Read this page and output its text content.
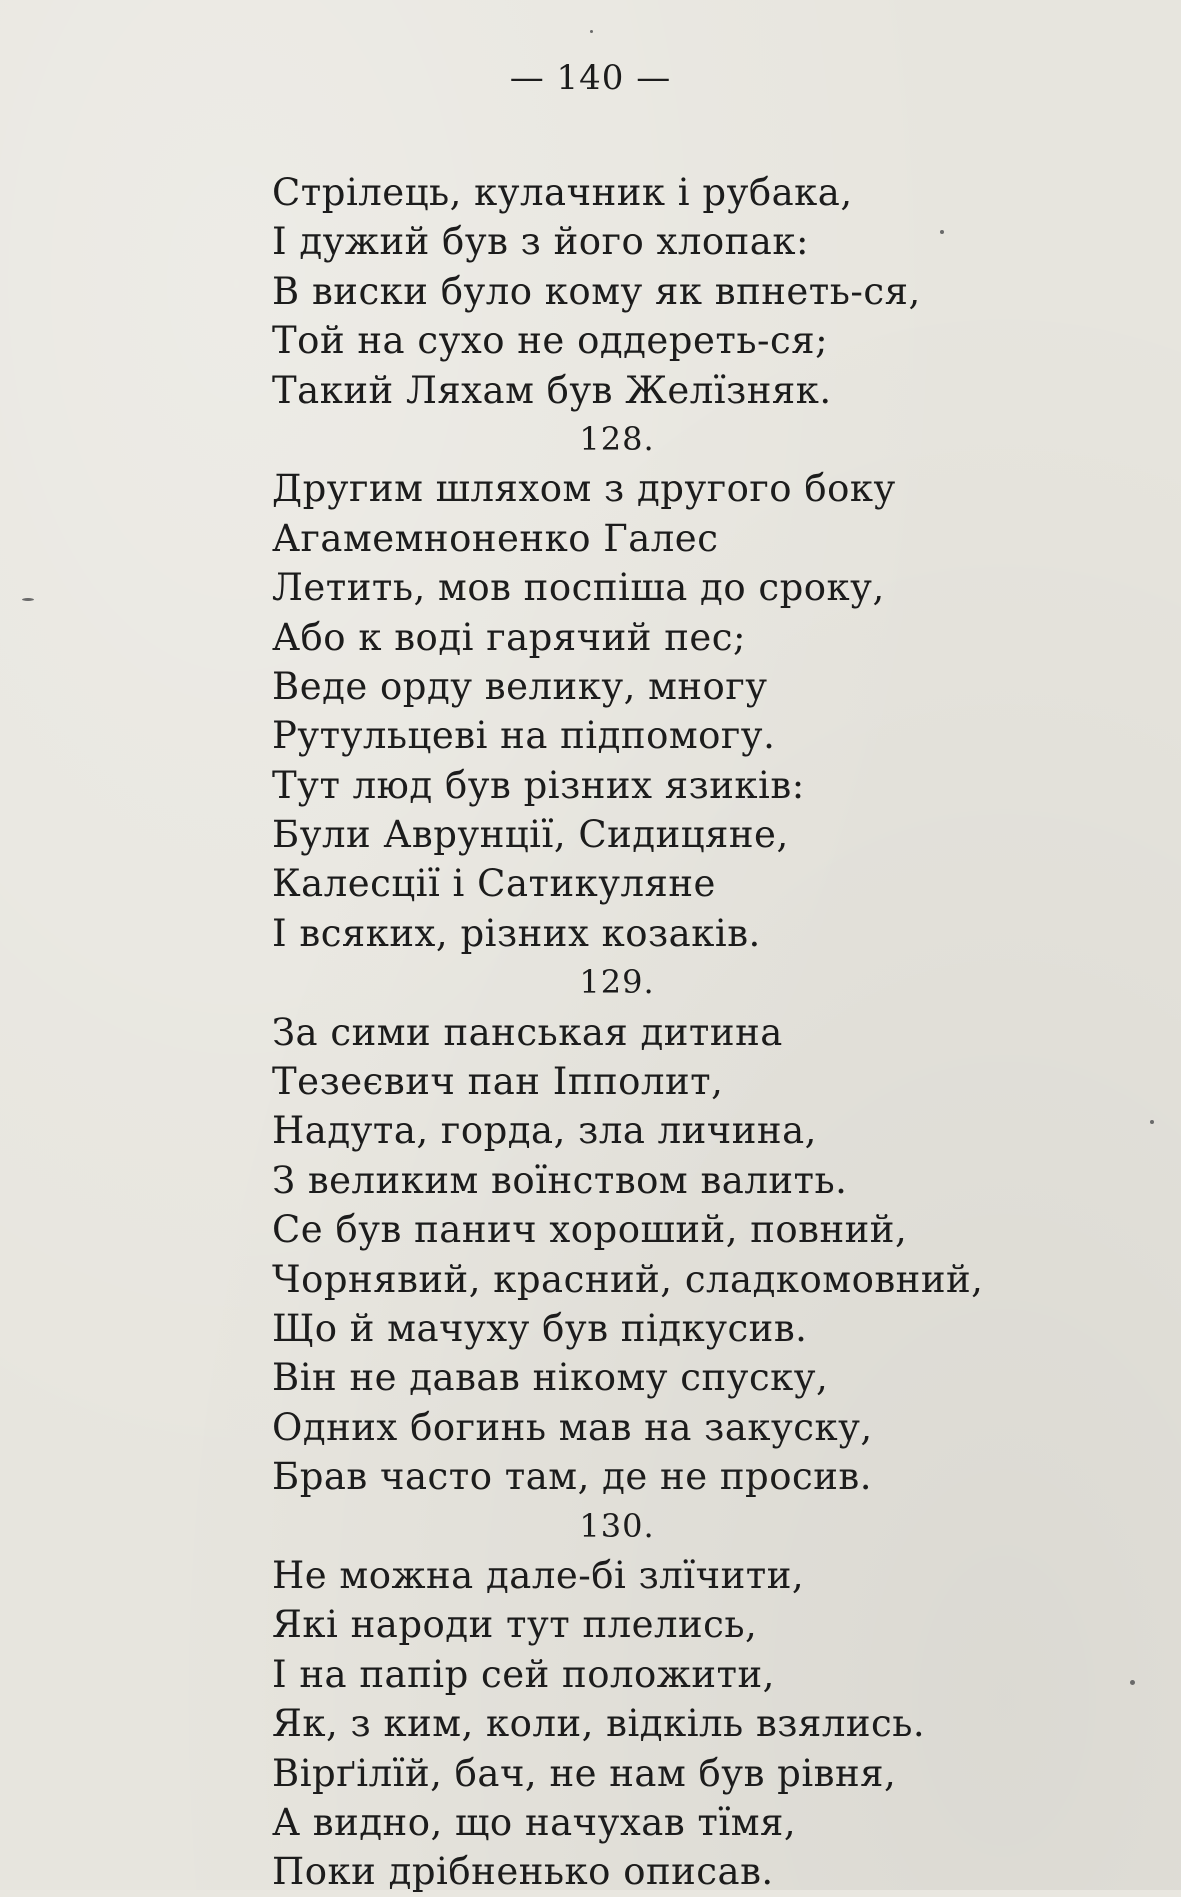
— 140 —
Стрілець, кулачник і рубака,
І дужий був з його хлопак:
В виски було кому як впнеть-ся,
Той на сухо не оддереть-ся;
Такий Ляхам був Желїзняк.
128.
Другим шляхом з другого боку
Агамемноненко Галес
Летить, мов поспіша до сроку,
Або к воді гарячий пес;
Веде орду велику, многу
Рутульцеві на підпомогу.
Тут люд був різних язиків:
Були Аврунції, Сидицяне,
Калесції і Сатикуляне
І всяких, різних козаків.
129.
За сими панськая дитина
Тезеєвич пан Іпполит,
Надута, горда, зла личина,
З великим воїнством валить.
Се був панич хороший, повний,
Чорнявий, красний, сладкомовний,
Що й мачуху був підкусив.
Він не давав нікому спуску,
Одних богинь мав на закуску,
Брав часто там, де не просив.
130.
Не можна дале-бі злїчити,
Які народи тут плелись,
І на папір сей положити,
Як, з ким, коли, відкіль взялись.
Вірґілїй, бач, не нам був рівня,
А видно, що начухав тїмя,
Поки дрібненько описав.
